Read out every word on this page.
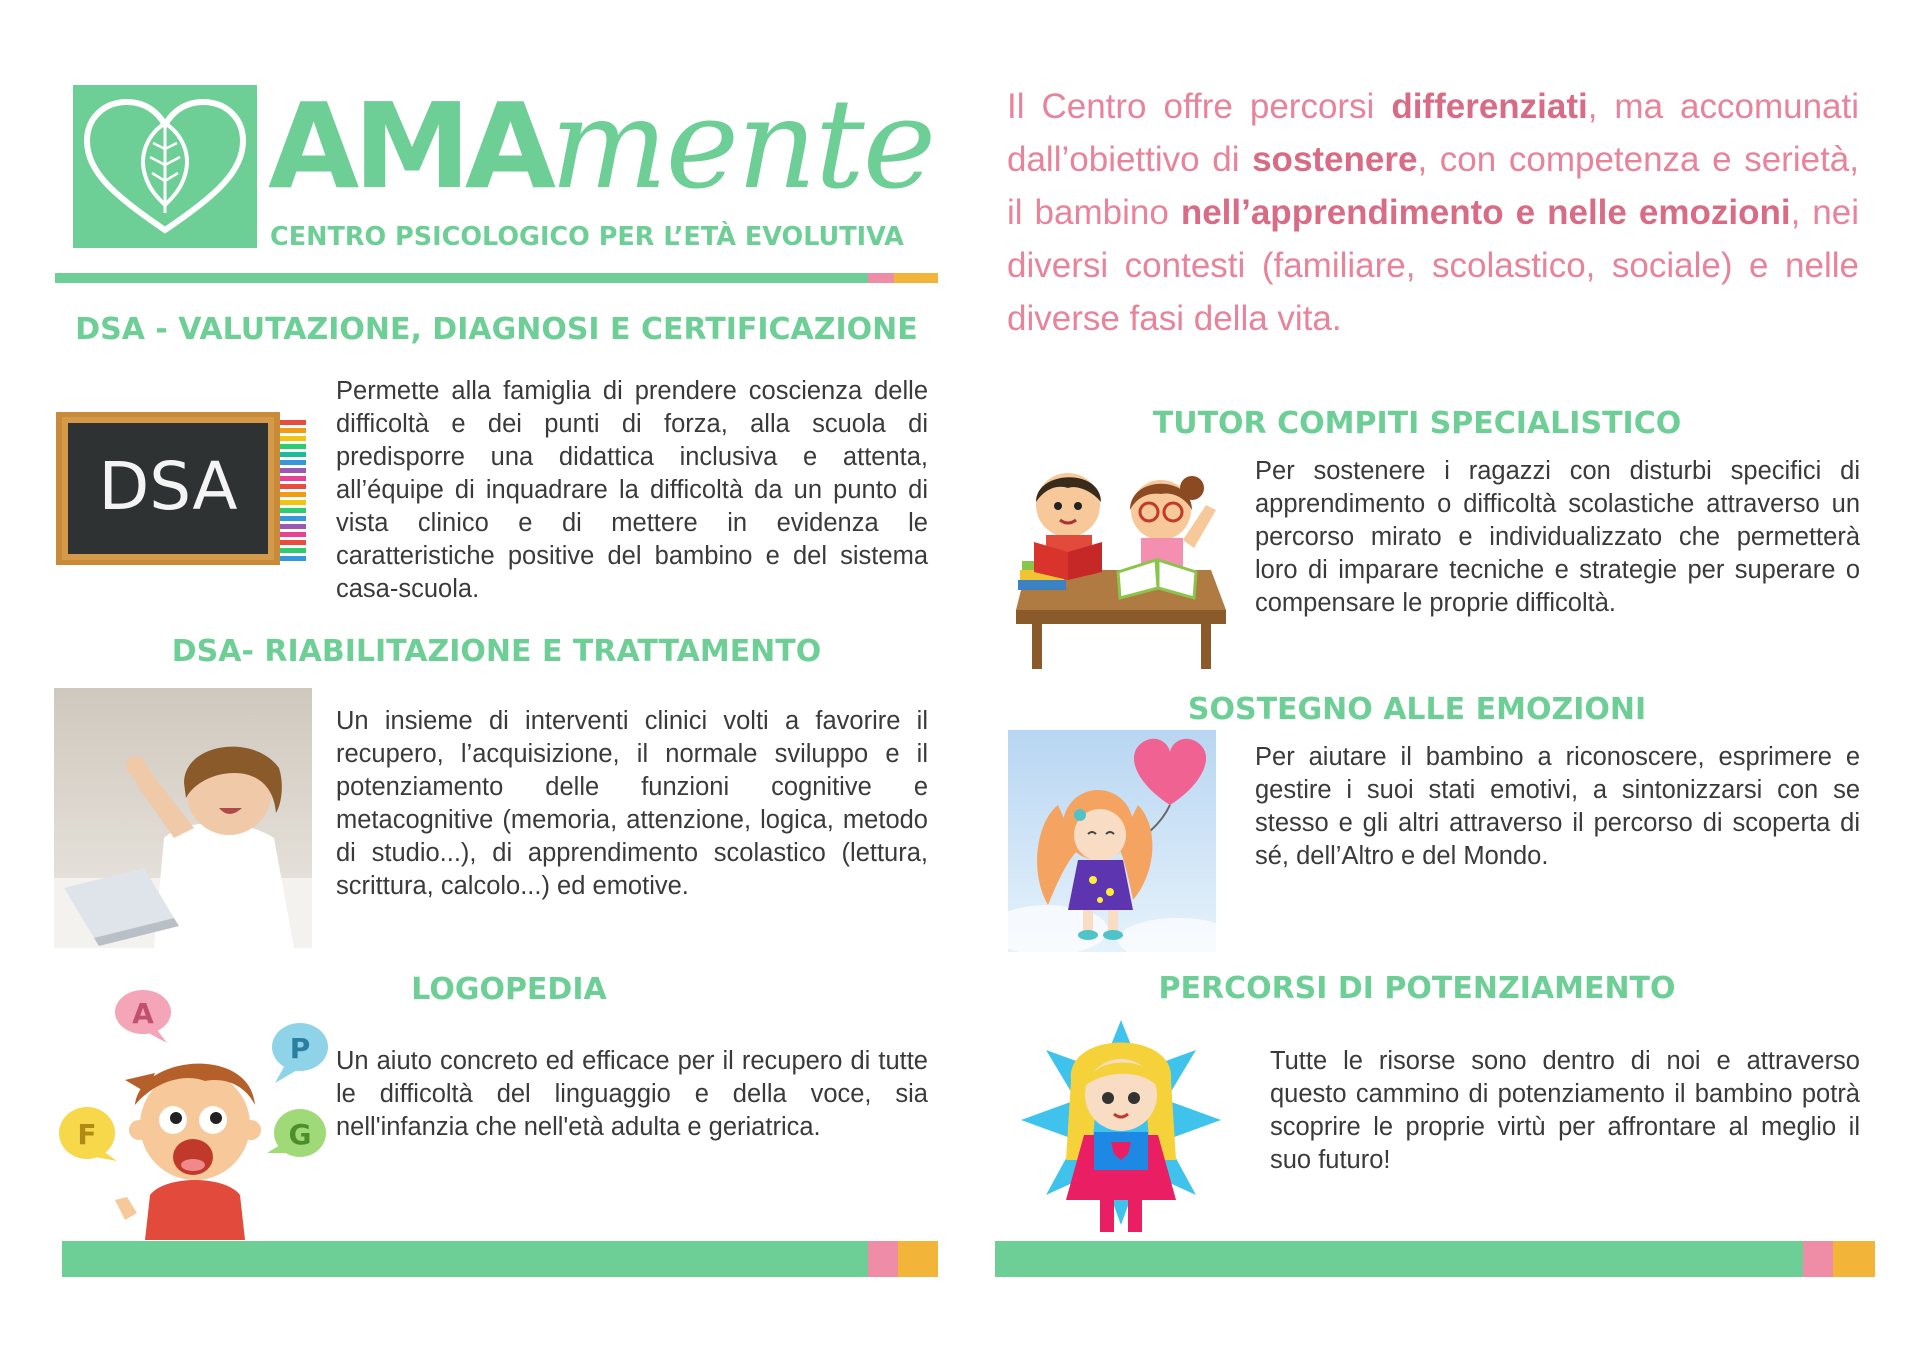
AMAmente
CENTRO PSICOLOGICO PER L’ETÀ EVOLUTIVA
Il Centro offre percorsi differenziati, ma accomunati dall’obiettivo di sostenere, con competenza e serietà, il bambino nell’apprendimento e nelle emozioni, nei diversi contesti (familiare, scolastico, sociale) e nelle diverse fasi della vita.
DSA - VALUTAZIONE, DIAGNOSI E CERTIFICAZIONE
DSA
Permette alla famiglia di prendere coscienza delle difficoltà e dei punti di forza, alla scuola di predisporre una didattica inclusiva e attenta, all’équipe di inquadrare la difficoltà da un punto di vista clinico e di mettere in evidenza le caratteristiche positive del bambino e del sistema casa-scuola.
DSA- RIABILITAZIONE E TRATTAMENTO
Un insieme di interventi clinici volti a favorire il recupero, l’acquisizione, il normale sviluppo e il potenziamento delle funzioni cognitive e metacognitive (memoria, attenzione, logica, metodo di studio...), di apprendimento scolastico (lettura, scrittura, calcolo...) ed emotive.
LOGOPEDIA
A
P
F	G
Un aiuto concreto ed efficace per il recupero di tutte le difficoltà del linguaggio e della voce, sia nell'infanzia che nell'età adulta e geriatrica.
TUTOR COMPITI SPECIALISTICO
Per sostenere i ragazzi con disturbi specifici di apprendimento o difficoltà scolastiche attraverso un percorso mirato e individualizzato che permetterà loro di imparare tecniche e strategie per superare o compensare le proprie difficoltà.
SOSTEGNO ALLE EMOZIONI
Per aiutare il bambino a riconoscere, esprimere e gestire i suoi stati emotivi, a sintonizzarsi con se stesso e gli altri attraverso il percorso di scoperta di sé, dell’Altro e del Mondo.
PERCORSI DI POTENZIAMENTO
Tutte le risorse sono dentro di noi e attraverso questo cammino di potenziamento il bambino potrà scoprire le proprie virtù per affrontare al meglio il suo futuro!
